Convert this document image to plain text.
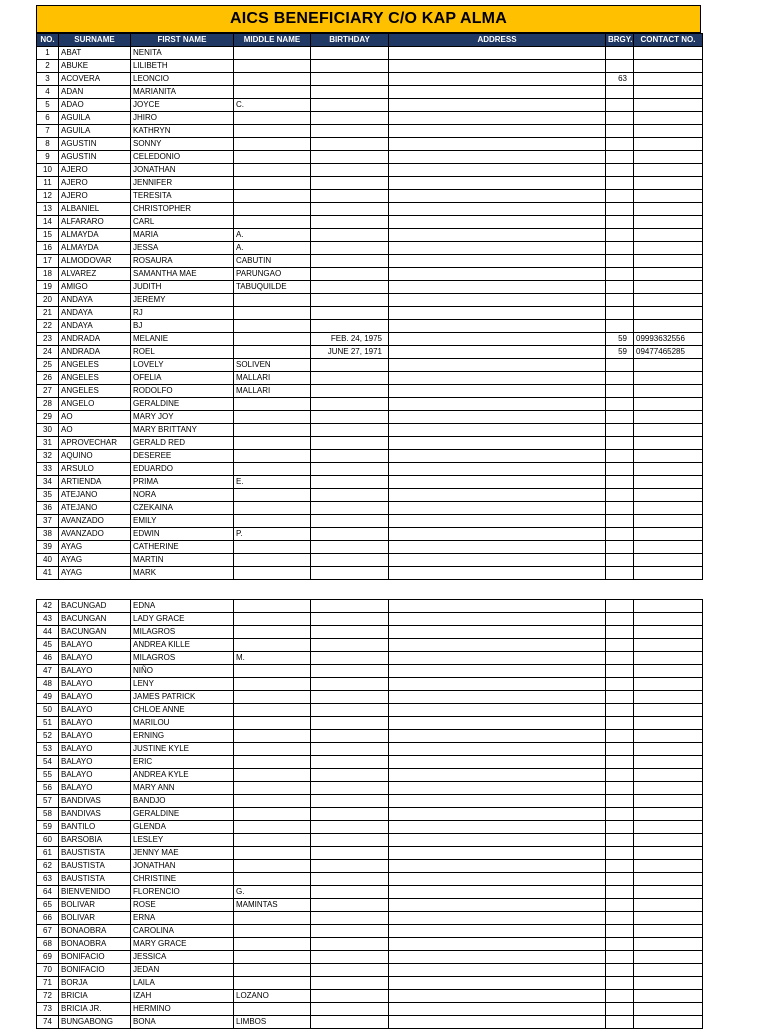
AICS BENEFICIARY C/O KAP ALMA
NO.	SURNAME	FIRST NAME	MIDDLE NAME	BIRTHDAY	ADDRESS	BRGY.	CONTACT NO.
1	ABAT	NENITA					
2	ABUKE	LILIBETH					
3	ACOVERA	LEONCIO				63	
4	ADAN	MARIANITA					
5	ADAO	JOYCE	C.				
6	AGUILA	JHIRO					
7	AGUILA	KATHRYN					
8	AGUSTIN	SONNY					
9	AGUSTIN	CELEDONIO					
10	AJERO	JONATHAN					
11	AJERO	JENNIFER					
12	AJERO	TERESITA					
13	ALBANIEL	CHRISTOPHER					
14	ALFARARO	CARL					
15	ALMAYDA	MARIA	A.				
16	ALMAYDA	JESSA	A.				
17	ALMODOVAR	ROSAURA	CABUTIN				
18	ALVAREZ	SAMANTHA MAE	PARUNGAO				
19	AMIGO	JUDITH	TABUQUILDE				
20	ANDAYA	JEREMY					
21	ANDAYA	RJ					
22	ANDAYA	BJ					
23	ANDRADA	MELANIE		FEB. 24, 1975		59	09993632556
24	ANDRADA	ROEL		JUNE 27, 1971		59	09477465285
25	ANGELES	LOVELY	SOLIVEN				
26	ANGELES	OFELIA	MALLARI				
27	ANGELES	RODOLFO	MALLARI				
28	ANGELO	GERALDINE					
29	AO	MARY JOY					
30	AO	MARY BRITTANY					
31	APROVECHAR	GERALD RED					
32	AQUINO	DESEREE					
33	ARSULO	EDUARDO					
34	ARTIENDA	PRIMA	E.				
35	ATEJANO	NORA					
36	ATEJANO	CZEKAINA					
37	AVANZADO	EMILY					
38	AVANZADO	EDWIN	P.				
39	AYAG	CATHERINE					
40	AYAG	MARTIN					
41	AYAG	MARK					
42	BACUNGAD	EDNA					
43	BACUNGAN	LADY GRACE					
44	BACUNGAN	MILAGROS					
45	BALAYO	ANDREA KILLE					
46	BALAYO	MILAGROS	M.				
47	BALAYO	NIÑO					
48	BALAYO	LENY					
49	BALAYO	JAMES PATRICK					
50	BALAYO	CHLOE ANNE					
51	BALAYO	MARILOU					
52	BALAYO	ERNING					
53	BALAYO	JUSTINE KYLE					
54	BALAYO	ERIC					
55	BALAYO	ANDREA KYLE					
56	BALAYO	MARY ANN					
57	BANDIVAS	BANDJO					
58	BANDIVAS	GERALDINE					
59	BANTILO	GLENDA					
60	BARSOBIA	LESLEY					
61	BAUSTISTA	JENNY MAE					
62	BAUSTISTA	JONATHAN					
63	BAUSTISTA	CHRISTINE					
64	BIENVENIDO	FLORENCIO	G.				
65	BOLIVAR	ROSE	MAMINTAS				
66	BOLIVAR	ERNA					
67	BONAOBRA	CAROLINA					
68	BONAOBRA	MARY GRACE					
69	BONIFACIO	JESSICA					
70	BONIFACIO	JEDAN					
71	BORJA	LAILA					
72	BRICIA	IZAH	LOZANO				
73	BRICIA JR.	HERMINO					
74	BUNGABONG	BONA	LIMBOS				
